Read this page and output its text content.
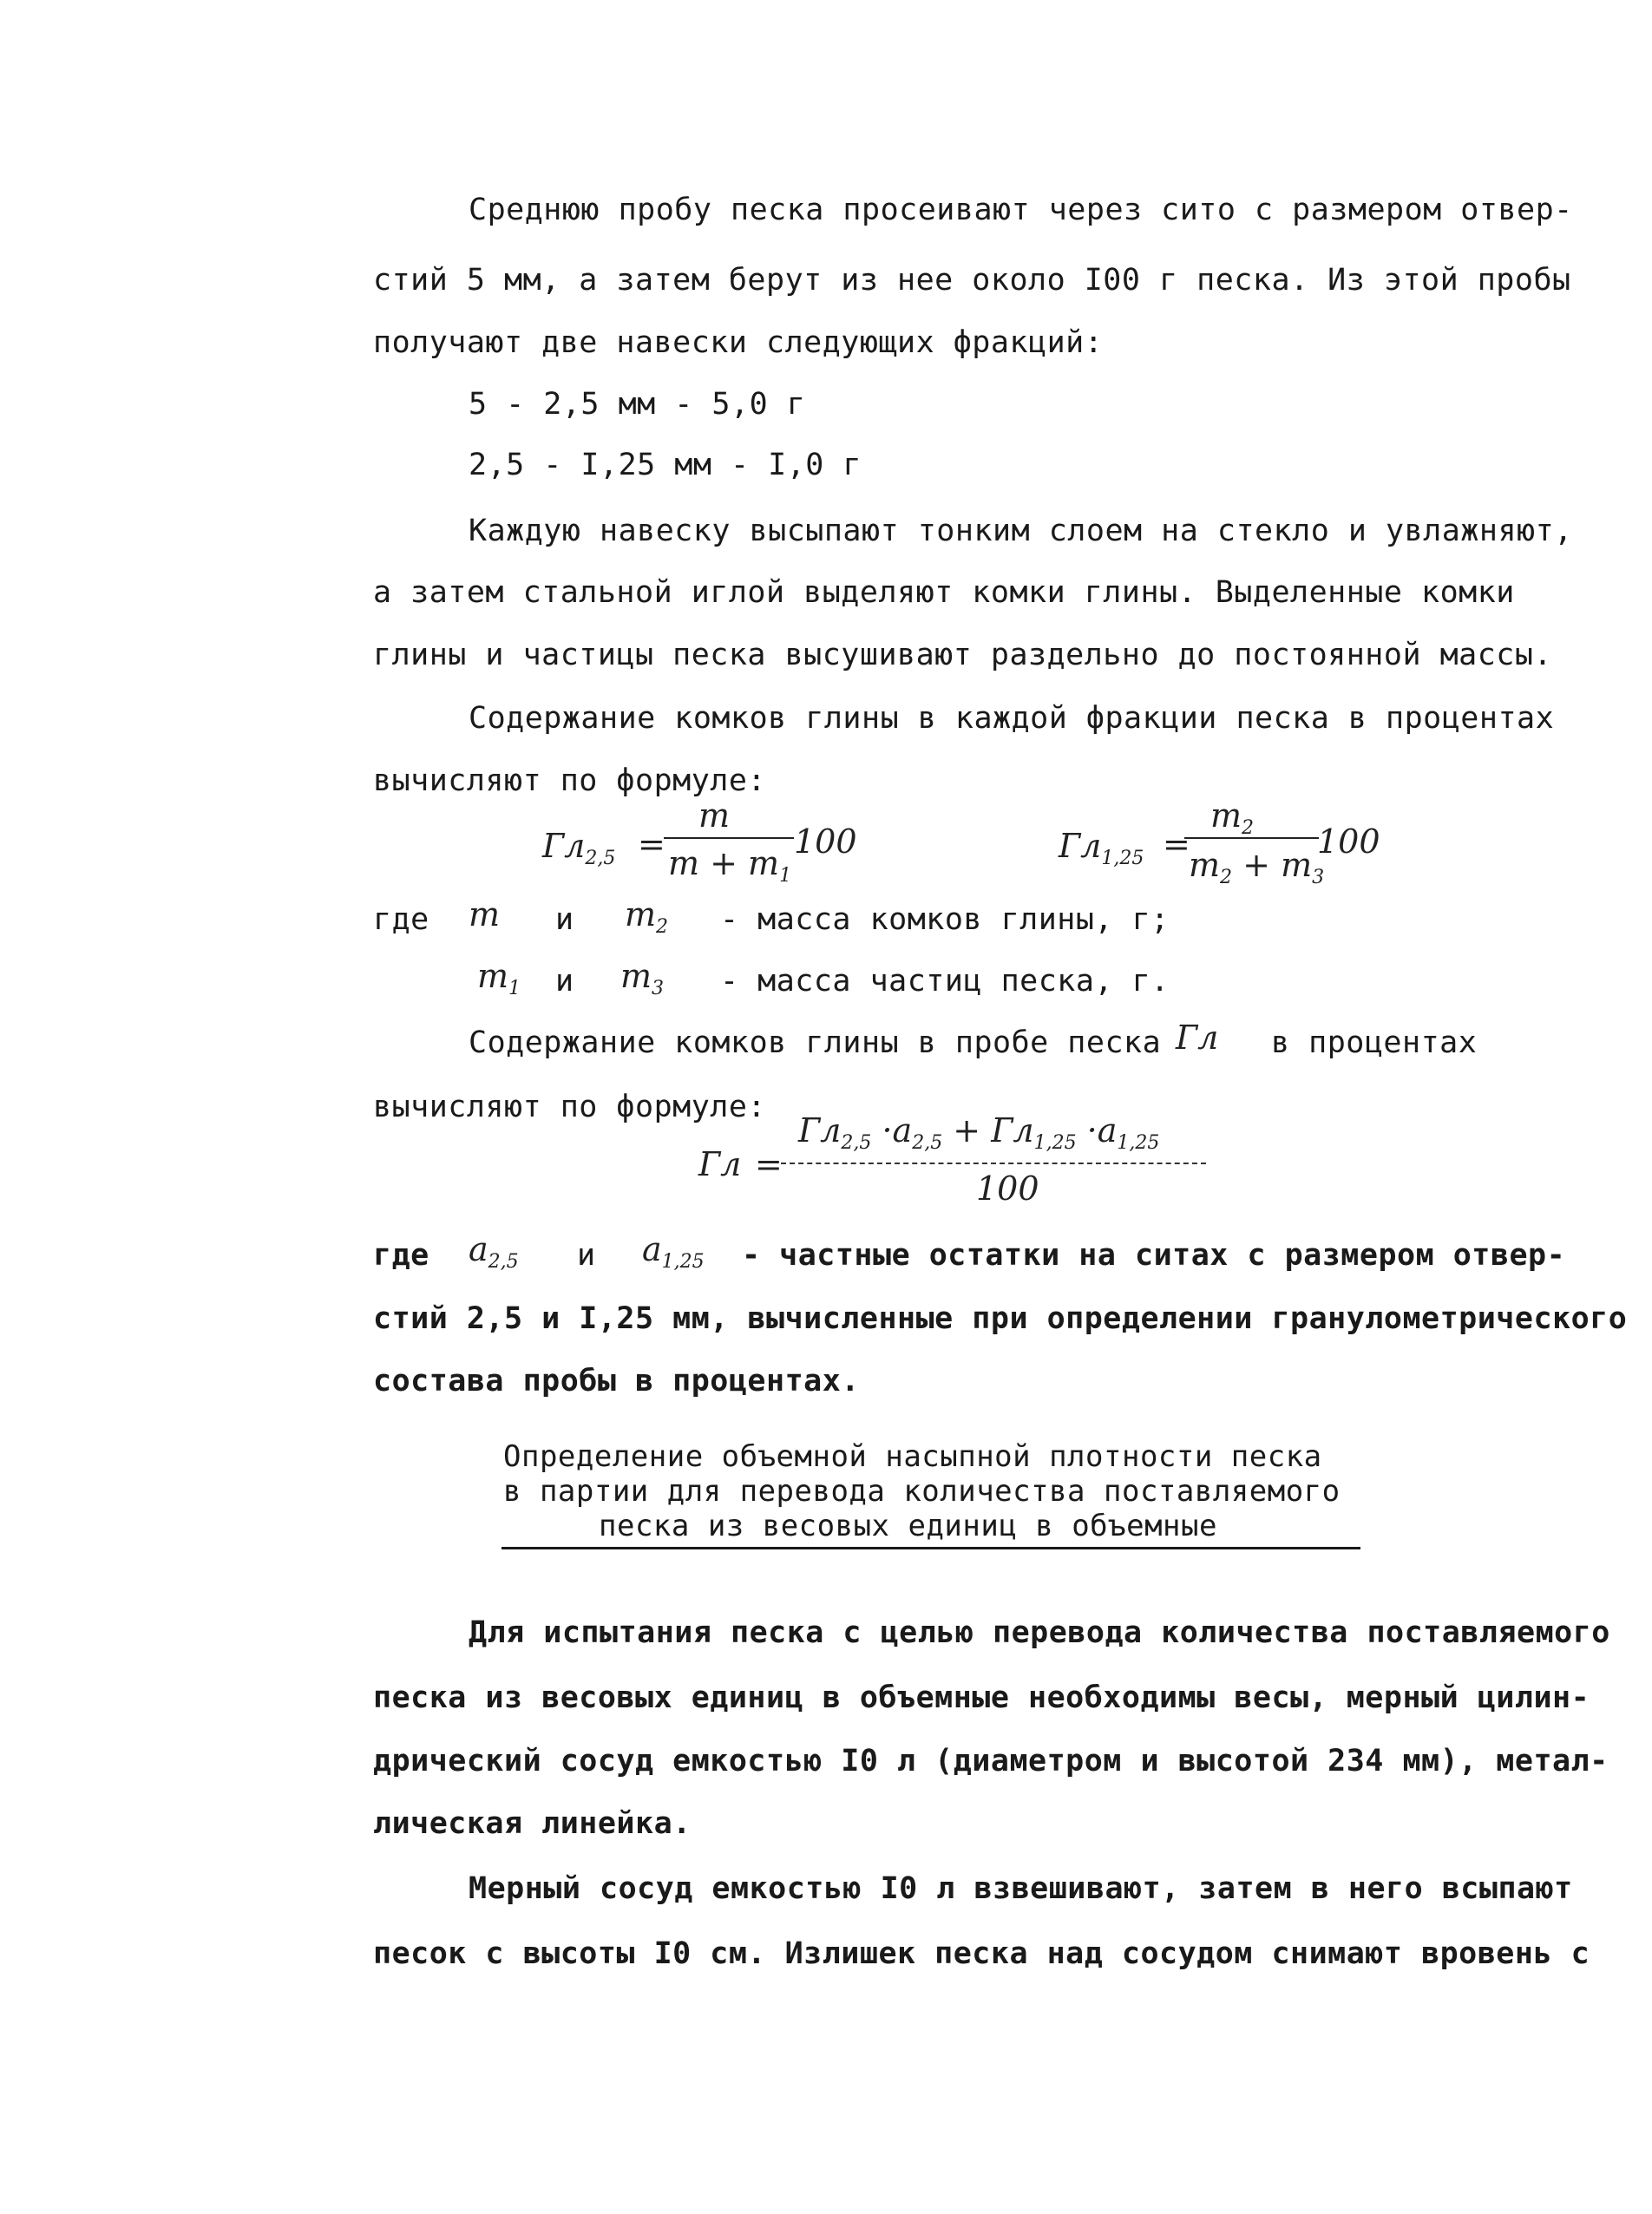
Среднюю пробу песка просеивают через сито с размером отвер-
стий 5 мм, а затем берут из нее около I00 г песка. Из этой пробы
получают две навески следующих фракций:
5 - 2,5 мм - 5,0 г
2,5 - I,25 мм - I,0 г
Каждую навеску высыпают тонким слоем на стекло и увлажняют,
а затем стальной иглой выделяют комки глины. Выделенные комки
глины и частицы песка высушивают раздельно до постоянной массы.
Содержание комков глины в каждой фракции песка в процентах
вычисляют по формуле:
$Гл_{2,5}$ =
m
$m + m_1$
100	$Гл_{1,25}$ =
$m_2$
$m_2 + m_3$
100
где m и $m_2$ - масса комков глины, г;
$m_1$ и $m_3$ - масса частиц песка, г.
Содержание комков глины в пробе песка Гл в процентах
вычисляют по формуле:
Гл =
$Гл_{2,5} \cdot a_{2,5} + Гл_{1,25} \cdot a_{1,25}$
100
где $a_{2,5}$ и $a_{1,25}$ - частные остатки на ситах с размером отвер-
стий 2,5 и I,25 мм, вычисленные при определении гранулометрического
состава пробы в процентах.
Определение объемной насыпной плотности песка
в партии для перевода количества поставляемого
песка из весовых единиц в объемные
Для испытания песка с целью перевода количества поставляемого
песка из весовых единиц в объемные необходимы весы, мерный цилин-
дрический сосуд емкостью I0 л (диаметром и высотой 234 мм), метал-
лическая линейка.
Мерный сосуд емкостью I0 л взвешивают, затем в него всыпают
песок с высоты I0 см. Излишек песка над сосудом снимают вровень с
